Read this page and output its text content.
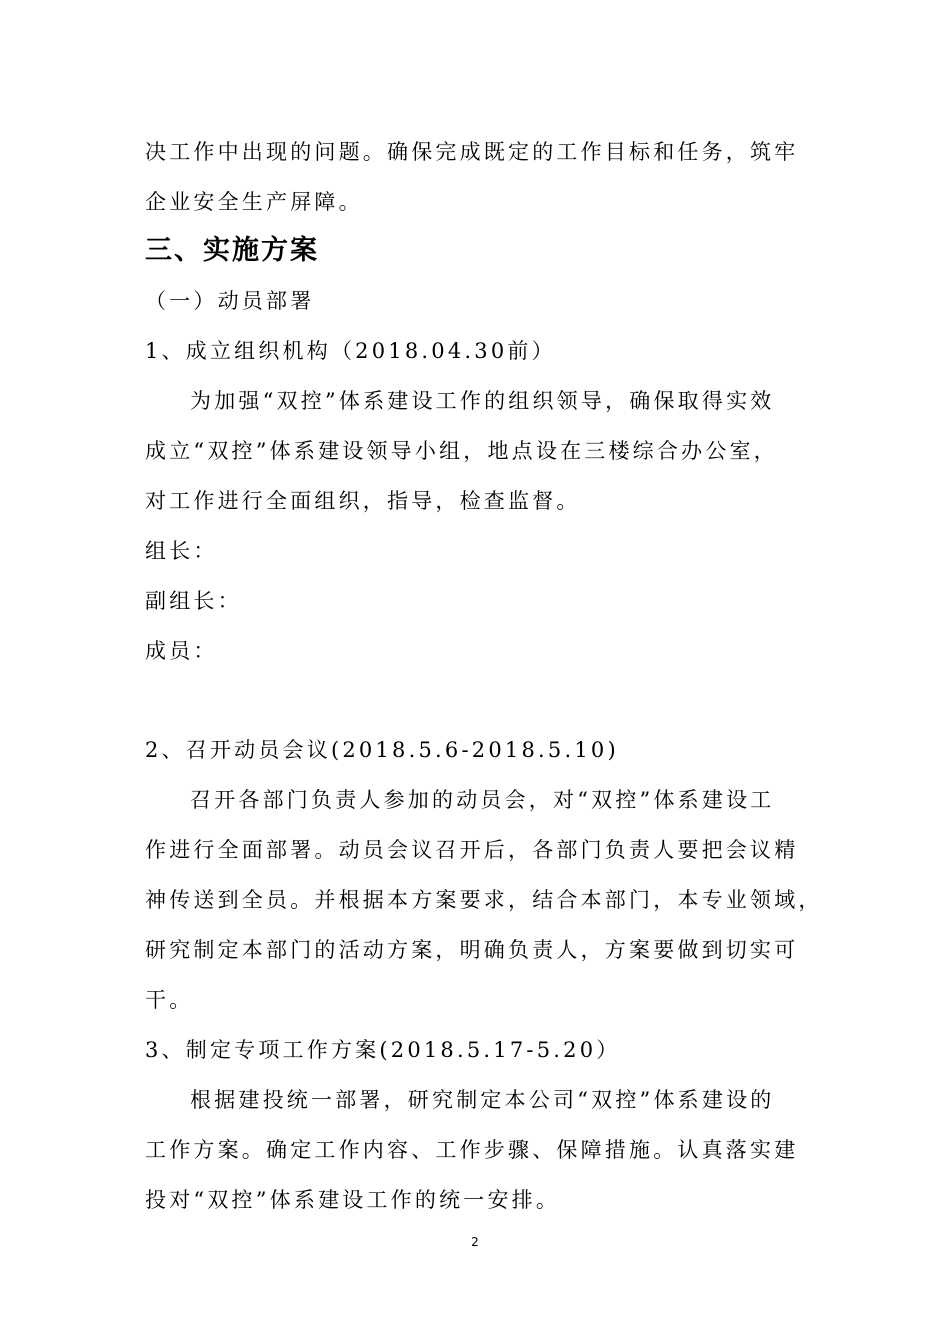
决工作中出现的问题。确保完成既定的工作目标和任务，筑牢
企业安全生产屏障。
三、实施方案
（一）动员部署
1、成立组织机构（2018.04.30前）
为加强“双控”体系建设工作的组织领导，确保取得实效
成立“双控”体系建设领导小组，地点设在三楼综合办公室，
对工作进行全面组织，指导，检查监督。
组长：
副组长：
成员：
2、召开动员会议(2018.5.6-2018.5.10)
召开各部门负责人参加的动员会，对“双控”体系建设工
作进行全面部署。动员会议召开后，各部门负责人要把会议精
神传送到全员。并根据本方案要求，结合本部门，本专业领域，
研究制定本部门的活动方案，明确负责人，方案要做到切实可
干。
3、制定专项工作方案(2018.5.17-5.20）
根据建投统一部署，研究制定本公司“双控”体系建设的
工作方案。确定工作内容、工作步骤、保障措施。认真落实建
投对“双控”体系建设工作的统一安排。
2
